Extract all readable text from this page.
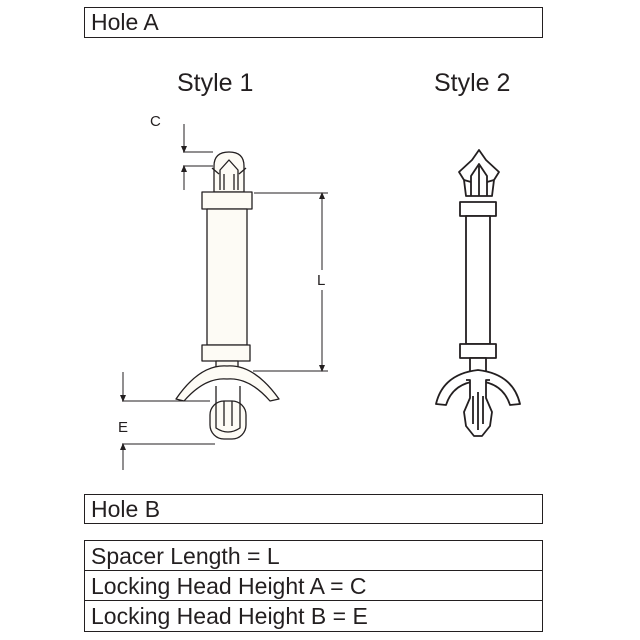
Hole A
Style 1	Style 2
C
L
E
Hole B
Spacer Length = L
Locking Head Height A = C
Locking Head Height B = E
